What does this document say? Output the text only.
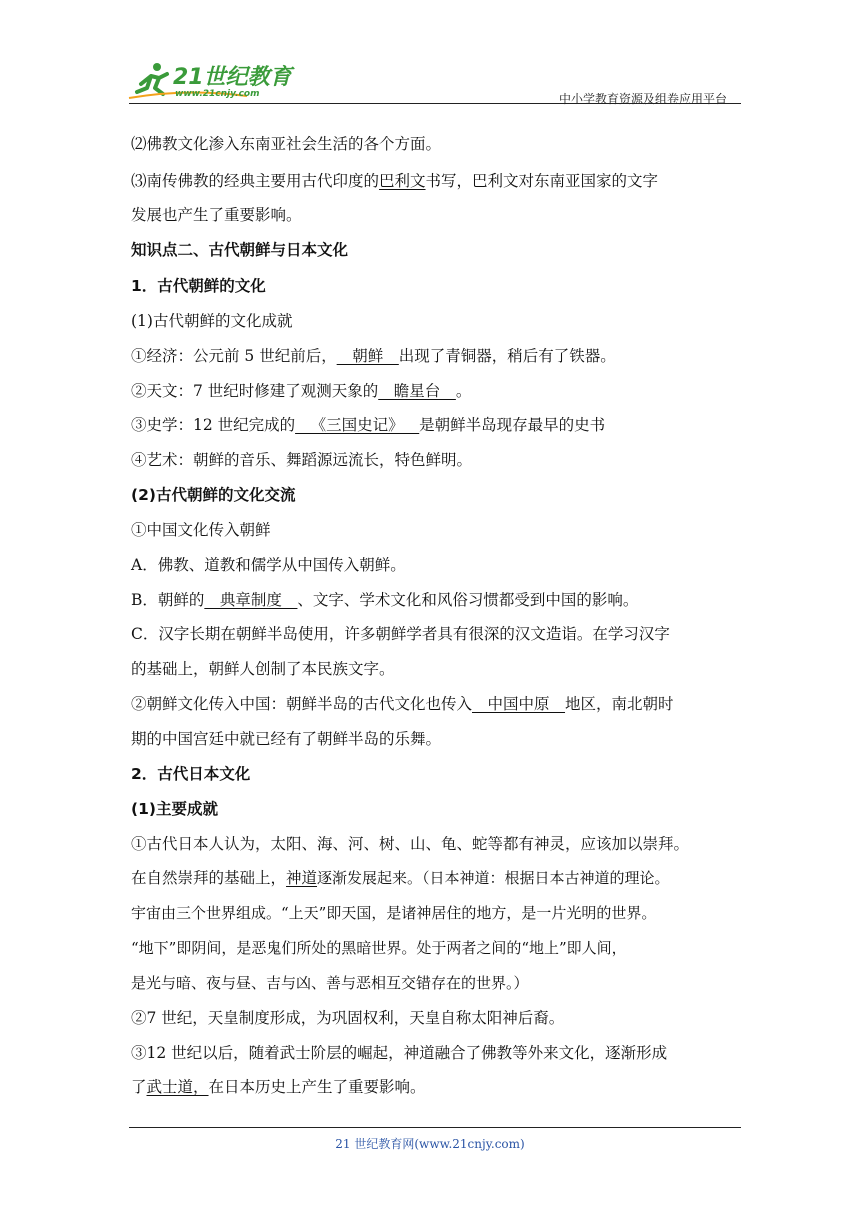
21世纪教育
www.21cnjy.com	中小学教育资源及组卷应用平台
⑵佛教文化渗入东南亚社会生活的各个方面。
⑶南传佛教的经典主要用古代印度的巴利文书写，巴利文对东南亚国家的文字
发展也产生了重要影响。
知识点二、古代朝鲜与日本文化
1．古代朝鲜的文化
(1)古代朝鲜的文化成就
①经济：公元前 5 世纪前后，__朝鲜__出现了青铜器，稍后有了铁器。
②天文：7 世纪时修建了观测天象的__瞻星台__。
③史学：12 世纪完成的__《三国史记》__是朝鲜半岛现存最早的史书
④艺术：朝鲜的音乐、舞蹈源远流长，特色鲜明。
(2)古代朝鲜的文化交流
①中国文化传入朝鲜
A．佛教、道教和儒学从中国传入朝鲜。
B．朝鲜的__典章制度__、文字、学术文化和风俗习惯都受到中国的影响。
C．汉字长期在朝鲜半岛使用，许多朝鲜学者具有很深的汉文造诣。在学习汉字
的基础上，朝鲜人创制了本民族文字。
②朝鲜文化传入中国：朝鲜半岛的古代文化也传入__中国中原__地区，南北朝时
期的中国宫廷中就已经有了朝鲜半岛的乐舞。
2．古代日本文化
(1)主要成就
①古代日本人认为，太阳、海、河、树、山、龟、蛇等都有神灵，应该加以崇拜。
在自然崇拜的基础上，神道逐渐发展起来。（日本神道：根据日本古神道的理论。
宇宙由三个世界组成。“上天”即天国，是诸神居住的地方，是一片光明的世界。
“地下”即阴间，是恶鬼们所处的黑暗世界。处于两者之间的“地上”即人间，
是光与暗、夜与昼、吉与凶、善与恶相互交错存在的世界。）
②7 世纪，天皇制度形成，为巩固权利，天皇自称太阳神后裔。
③12 世纪以后，随着武士阶层的崛起，神道融合了佛教等外来文化，逐渐形成
了武士道，在日本历史上产生了重要影响。
21 世纪教育网(www.21cnjy.com)
